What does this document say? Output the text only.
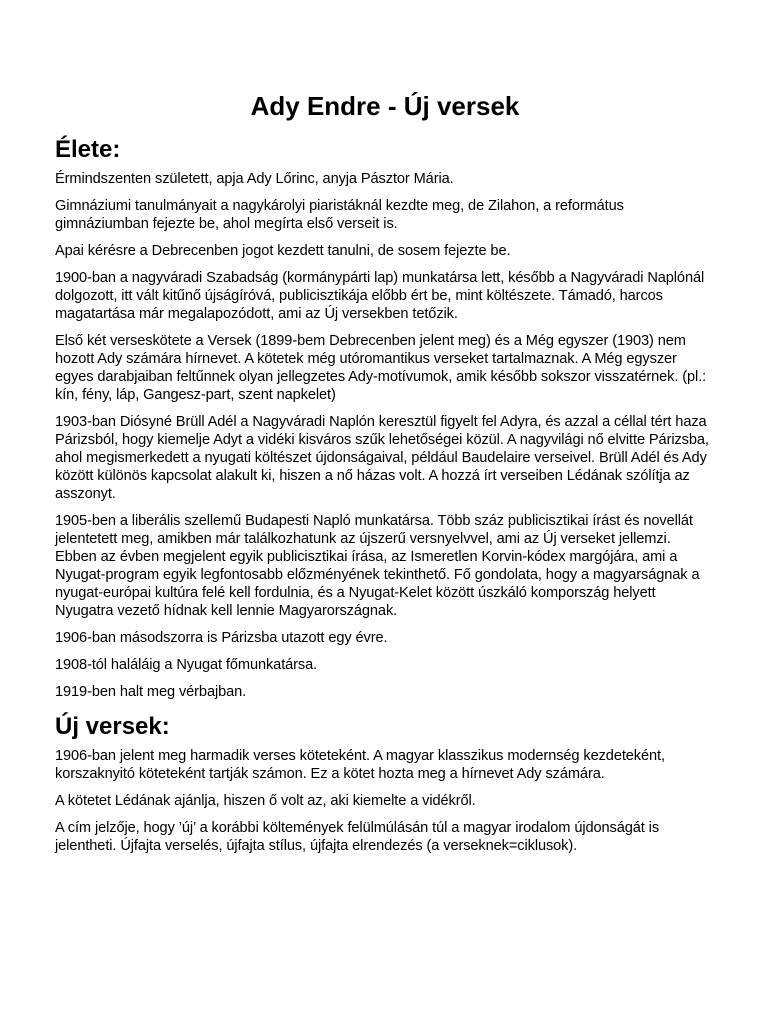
Ady Endre - Új versek
Élete:

Érmindszenten született, apja Ady Lőrinc, anyja Pásztor Mária.

Gimnáziumi tanulmányait a nagykárolyi piaristáknál kezdte meg, de Zilahon, a református gimnáziumban fejezte be, ahol megírta első verseit is.

Apai kérésre a Debrecenben jogot kezdett tanulni, de sosem fejezte be.

1900-ban a nagyváradi Szabadság (kormánypárti lap) munkatársa lett, később a Nagyváradi Naplónál dolgozott, itt vált kitűnő újságíróvá, publicisztikája előbb ért be, mint költészete. Támadó, harcos magatartása már megalapozódott, ami az Új versekben tetőzik.

Első két verseskötete a Versek (1899-bem Debrecenben jelent meg) és a Még egyszer (1903) nem hozott Ady számára hírnevet. A kötetek még utóromantikus verseket tartalmaznak. A Még egyszer egyes darabjaiban feltűnnek olyan jellegzetes Ady-motívumok, amik később sokszor visszatérnek. (pl.: kín, fény, láp, Gangesz-part, szent napkelet)

1903-ban Diósyné Brüll Adél a Nagyváradi Naplón keresztül figyelt fel Adyra, és azzal a céllal tért haza Párizsból, hogy kiemelje Adyt a vidéki kisváros szűk lehetőségei közül. A nagyvilági nő elvitte Párizsba, ahol megismerkedett a nyugati költészet újdonságaival, például Baudelaire verseivel. Brüll Adél és Ady között különös kapcsolat alakult ki, hiszen a nő házas volt. A hozzá írt verseiben Lédának szólítja az asszonyt.

1905-ben a liberális szellemű Budapesti Napló munkatársa. Több száz publicisztikai írást és novellát jelentetett meg, amikben már találkozhatunk az újszerű versnyelvvel, ami az Új verseket jellemzi. Ebben az évben megjelent egyik publicisztikai írása, az Ismeretlen Korvin-kódex margójára, ami a Nyugat-program egyik legfontosabb előzményének tekinthető. Fő gondolata, hogy a magyarságnak a nyugat-európai kultúra felé kell fordulnia, és a Nyugat-Kelet között úszkáló kompország helyett Nyugatra vezető hídnak kell lennie Magyarországnak.

1906-ban másodszorra is Párizsba utazott egy évre.

1908-tól haláláig a Nyugat főmunkatársa.

1919-ben halt meg vérbajban.

Új versek:

1906-ban jelent meg harmadik verses köteteként. A magyar klasszikus modernség kezdeteként, korszaknyitó köteteként tartják számon. Ez a kötet hozta meg a hírnevet Ady számára.

A kötetet Lédának ajánlja, hiszen ő volt az, aki kiemelte a vidékről.

A cím jelzője, hogy ’új’ a korábbi költemények felülmúlásán túl a magyar irodalom újdonságát is jelentheti. Újfajta verselés, újfajta stílus, újfajta elrendezés (a verseknek=ciklusok).
